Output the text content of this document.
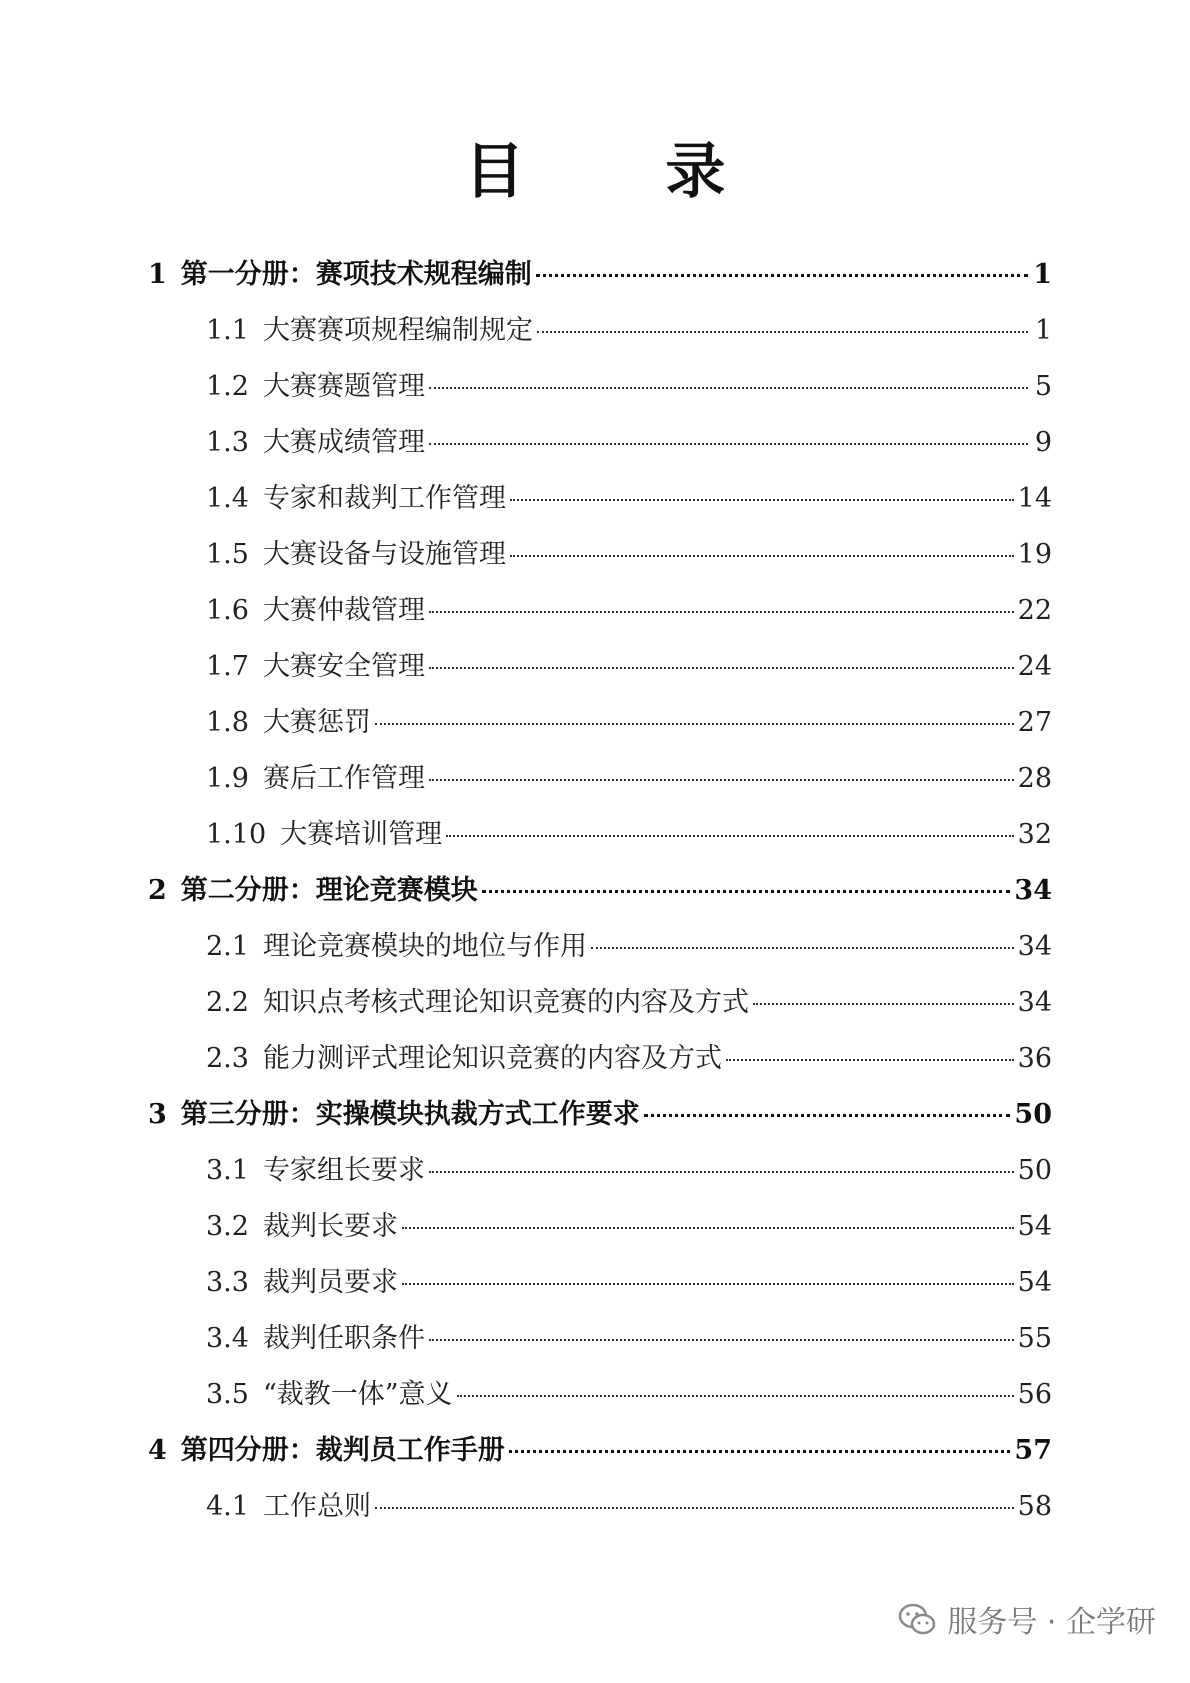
目 录
1 第一分册：赛项技术规程编制	1
1.1 大赛赛项规程编制规定	1
1.2 大赛赛题管理	5
1.3 大赛成绩管理	9
1.4 专家和裁判工作管理	14
1.5 大赛设备与设施管理	19
1.6 大赛仲裁管理	22
1.7 大赛安全管理	24
1.8 大赛惩罚	27
1.9 赛后工作管理	28
1.10 大赛培训管理	32
2 第二分册：理论竞赛模块	34
2.1 理论竞赛模块的地位与作用	34
2.2 知识点考核式理论知识竞赛的内容及方式	34
2.3 能力测评式理论知识竞赛的内容及方式	36
3 第三分册：实操模块执裁方式工作要求	50
3.1 专家组长要求	50
3.2 裁判长要求	54
3.3 裁判员要求	54
3.4 裁判任职条件	55
3.5 “裁教一体”意义	56
4 第四分册：裁判员工作手册	57
4.1 工作总则	58
服务号 · 企学研
